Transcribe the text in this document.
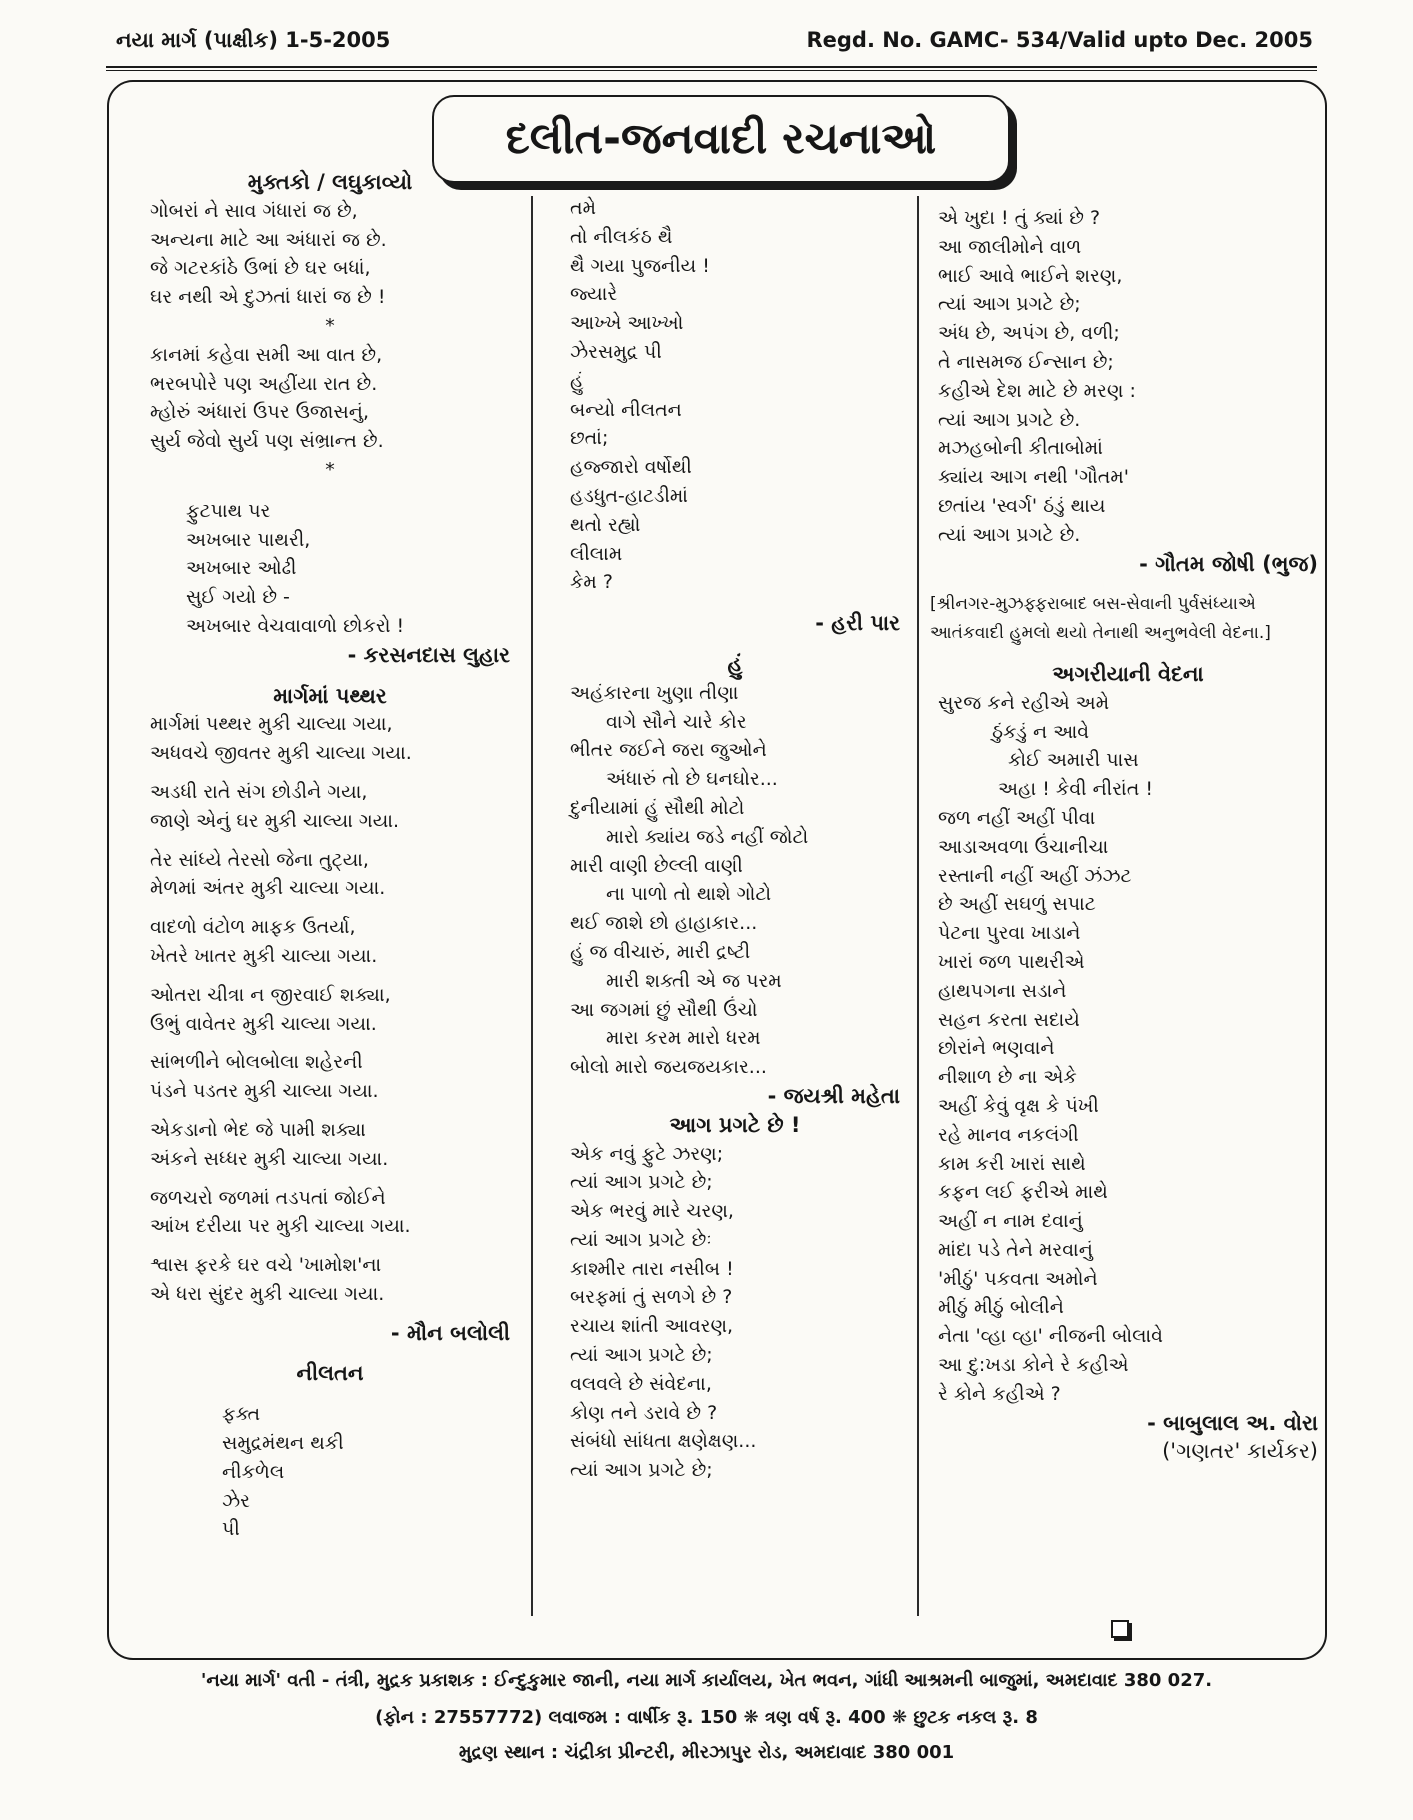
નયા માર્ગ (પાક્ષીક) 1-5-2005	Regd. No. GAMC- 534/Valid upto Dec. 2005
દલીત-જનવાદી રચનાઓ
મુક્તકો / લઘુકાવ્યો
ગોબરાં ને સાવ ગંધારાં જ છે,
અન્યના માટે આ અંધારાં જ છે.
જે ગટરકાંઠે ઉભાં છે ઘર બધાં,
ઘર નથી એ દુઝતાં ધારાં જ છે !
*
કાનમાં કહેવા સમી આ વાત છે,
ભરબપોરે પણ અહીંયા રાત છે.
મ્હોરું અંધારાં ઉપર ઉજાસનું,
સુર્ય જેવો સુર્ય પણ સંભ્રાન્ત છે.
*
ફુટપાથ પર
અખબાર પાથરી,
અખબાર ઓઢી
સુઈ ગયો છે -
અખબાર વેચવાવાળો છોકરો !
- કરસનદાસ લુહાર
માર્ગમાં પથ્થર
માર્ગમાં પથ્થર મુકી ચાલ્યા ગયા,
અધવચે જીવતર મુકી ચાલ્યા ગયા.
અડધી રાતે સંગ છોડીને ગયા,
જાણે એનું ઘર મુકી ચાલ્યા ગયા.
તેર સાંધ્યે તેરસો જેના તુટ્યા,
મેળમાં અંતર મુકી ચાલ્યા ગયા.
વાદળો વંટોળ માફક ઉતર્યા,
ખેતરે ખાતર મુકી ચાલ્યા ગયા.
ઓતરા ચીત્રા ન જીરવાઈ શક્યા,
ઉભું વાવેતર મુકી ચાલ્યા ગયા.
સાંભળીને બોલબોલા શહેરની
પંડને પડતર મુકી ચાલ્યા ગયા.
એકડાનો ભેદ જે પામી શક્યા
અંકને સધ્ધર મુકી ચાલ્યા ગયા.
જળચરો જળમાં તડપતાં જોઈને
આંખ દરીયા પર મુકી ચાલ્યા ગયા.
શ્વાસ ફરકે ઘર વચે 'ખામોશ'ના
એ ધરા સુંદર મુકી ચાલ્યા ગયા.
- મૌન બલોલી
નીલતન
ફક્ત
સમુદ્રમંથન થકી
નીકળેલ
ઝેર
પી
તમે
તો નીલકંઠ થૈ
થૈ ગયા પુજનીય !
જ્યારે
આખ્ખે આખ્ખો
ઝેરસમુદ્ર પી
હું
બન્યો નીલતન
છતાં;
હજ્જારો વર્ષોથી
હડધુત-હાટડીમાં
થતો રહ્યો
લીલામ
કેમ ?
- હરી પાર
હું
અહંકારના ખુણા તીણા
વાગે સૌને ચારે કોર
ભીતર જઈને જરા જુઓને
અંધારું તો છે ઘનઘોર...
દુનીયામાં હું સૌથી મોટો
મારો ક્યાંય જડે નહીં જોટો
મારી વાણી છેલ્લી વાણી
ના પાળો તો થાશે ગોટો
થઈ જાશે છો હાહાકાર...
હું જ વીચારું, મારી દ્રષ્ટી
મારી શક્તી એ જ પરમ
આ જગમાં છું સૌથી ઉંચો
મારા કરમ મારો ધરમ
બોલો મારો જયજયકાર...
- જયશ્રી મહેતા
આગ પ્રગટે છે !
એક નવું ફુટે ઝરણ;
ત્યાં આગ પ્રગટે છે;
એક ભરવું મારે ચરણ,
ત્યાં આગ પ્રગટે છેઃ
કાશ્મીર તારા નસીબ !
બરફમાં તું સળગે છે ?
રચાય શાંતી આવરણ,
ત્યાં આગ પ્રગટે છે;
વલવલે છે સંવેદના,
કોણ તને ડરાવે છે ?
સંબંધો સાંધતા ક્ષણેક્ષણ...
ત્યાં આગ પ્રગટે છે;
એ ખુદા ! તું ક્યાં છે ?
આ જાલીમોને વાળ
ભાઈ આવે ભાઈને શરણ,
ત્યાં આગ પ્રગટે છે;
અંધ છે, અપંગ છે, વળી;
તે નાસમજ ઈન્સાન છે;
કહીએ દેશ માટે છે મરણ :
ત્યાં આગ પ્રગટે છે.
મઝહબોની કીતાબોમાં
ક્યાંય આગ નથી 'ગૌતમ'
છતાંય 'સ્વર્ગ' ઠંડું થાય
ત્યાં આગ પ્રગટે છે.
- ગૌતમ જોષી (ભુજ)
[શ્રીનગર-મુઝફ્ફરાબાદ બસ-સેવાની પુર્વસંધ્યાએ
આતંકવાદી હુમલો થયો તેનાથી અનુભવેલી વેદના.]
અગરીયાની વેદના
સુરજ કને રહીએ અમે
ઠુંકડું ન આવે
કોઈ અમારી પાસ
અહા ! કેવી નીરાંત !
જળ નહીં અહીં પીવા
આડાઅવળા ઉંચાનીચા
રસ્તાની નહીં અહીં ઝંઝટ
છે અહીં સઘળું સપાટ
પેટના પુરવા ખાડાને
ખારાં જળ પાથરીએ
હાથપગના સડાને
સહન કરતા સદાયે
છોરાંને ભણવાને
નીશાળ છે ના એકે
અહીં કેવું વૃક્ષ કે પંખી
રહે માનવ નકલંગી
કામ કરી ખારાં સાથે
કફન લઈ ફરીએ માથે
અહીં ન નામ દવાનું
માંદા પડે તેને મરવાનું
'મીઠું' પકવતા અમોને
મીઠું મીઠું બોલીને
નેતા 'વ્હા વ્હા' નીજની બોલાવે
આ દુ:ખડા કોને રે કહીએ
રે કોને કહીએ ?
- બાબુલાલ અ. વોરા
('ગણતર' કાર્યકર)
'નયા માર્ગ' વતી - તંત્રી, મુદ્રક પ્રકાશક : ઈન્દુકુમાર જાની, નયા માર્ગ કાર્યાલય, ખેત ભવન, ગાંધી આશ્રમની બાજુમાં, અમદાવાદ 380 027.
(ફોન : 27557772) લવાજમ : વાર્ષીક રૂ. 150 ❋ ત્રણ વર્ષ રૂ. 400 ❋ છુટક નકલ રૂ. 8
મુદ્રણ સ્થાન : ચંદ્રીકા પ્રીન્ટરી, મીરઝાપુર રોડ, અમદાવાદ 380 001
